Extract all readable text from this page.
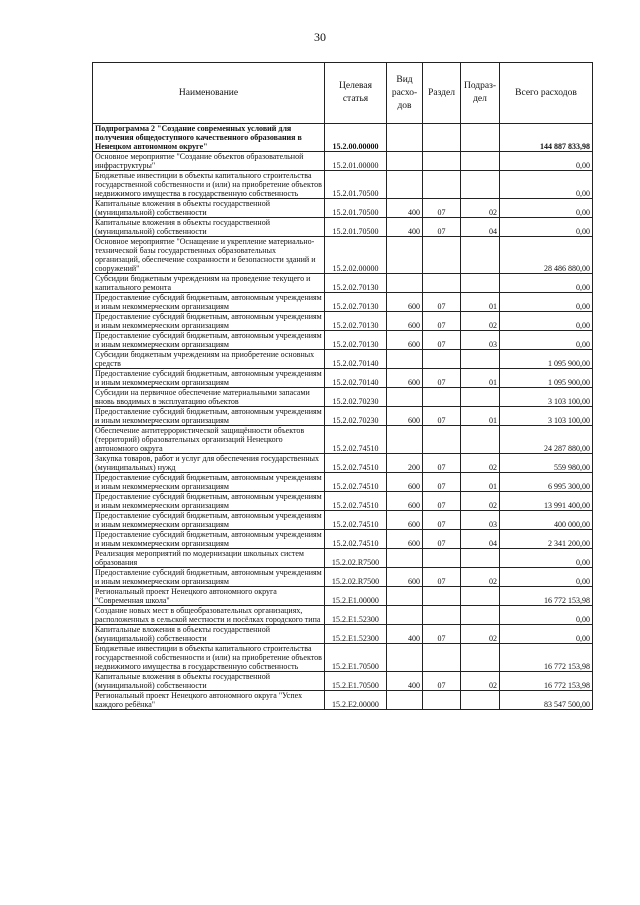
30
Наименование	Целевая статья	Вид расхо-дов	Раздел	Подраз-дел	Всего расходов
Подпрограмма 2 "Создание современных условий для получения общедоступного качественного образования в Ненецком автономном округе"	15.2.00.00000				144 887 833,98
Основное мероприятие "Создание объектов образовательной инфраструктуры"	15.2.01.00000				0,00
Бюджетные инвестиции в объекты капитального строительства государственной собственности и (или) на приобретение объектов недвижимого имущества в государственную собственность	15.2.01.70500				0,00
Капитальные вложения в объекты государственной (муниципальной) собственности	15.2.01.70500	400	07	02	0,00
Капитальные вложения в объекты государственной (муниципальной) собственности	15.2.01.70500	400	07	04	0,00
Основное мероприятие "Оснащение и укрепление материально-технической базы государственных образовательных организаций, обеспечение сохранности и безопасности зданий и сооружений"	15.2.02.00000				28 486 880,00
Субсидии бюджетным учреждениям на проведение текущего и капитального ремонта	15.2.02.70130				0,00
Предоставление субсидий бюджетным, автономным учреждениям и иным некоммерческим организациям	15.2.02.70130	600	07	01	0,00
Предоставление субсидий бюджетным, автономным учреждениям и иным некоммерческим организациям	15.2.02.70130	600	07	02	0,00
Предоставление субсидий бюджетным, автономным учреждениям и иным некоммерческим организациям	15.2.02.70130	600	07	03	0,00
Субсидии бюджетным учреждениям на приобретение основных средств	15.2.02.70140				1 095 900,00
Предоставление субсидий бюджетным, автономным учреждениям и иным некоммерческим организациям	15.2.02.70140	600	07	01	1 095 900,00
Субсидии на первичное обеспечение материальными запасами вновь вводимых в эксплуатацию объектов	15.2.02.70230				3 103 100,00
Предоставление субсидий бюджетным, автономным учреждениям и иным некоммерческим организациям	15.2.02.70230	600	07	01	3 103 100,00
Обеспечение антитеррористической защищённости объектов (территорий) образовательных организаций Ненецкого автономного округа	15.2.02.74510				24 287 880,00
Закупка товаров, работ и услуг для обеспечения государственных (муниципальных) нужд	15.2.02.74510	200	07	02	559 980,00
Предоставление субсидий бюджетным, автономным учреждениям и иным некоммерческим организациям	15.2.02.74510	600	07	01	6 995 300,00
Предоставление субсидий бюджетным, автономным учреждениям и иным некоммерческим организациям	15.2.02.74510	600	07	02	13 991 400,00
Предоставление субсидий бюджетным, автономным учреждениям и иным некоммерческим организациям	15.2.02.74510	600	07	03	400 000,00
Предоставление субсидий бюджетным, автономным учреждениям и иным некоммерческим организациям	15.2.02.74510	600	07	04	2 341 200,00
Реализация мероприятий по модернизации школьных систем образования	15.2.02.R7500				0,00
Предоставление субсидий бюджетным, автономным учреждениям и иным некоммерческим организациям	15.2.02.R7500	600	07	02	0,00
Региональный проект Ненецкого автономного округа "Современная школа"	15.2.E1.00000				16 772 153,98
Создание новых мест в общеобразовательных организациях, расположенных в сельской местности и посёлках городского типа	15.2.E1.52300				0,00
Капитальные вложения в объекты государственной (муниципальной) собственности	15.2.E1.52300	400	07	02	0,00
Бюджетные инвестиции в объекты капитального строительства государственной собственности и (или) на приобретение объектов недвижимого имущества в государственную собственность	15.2.E1.70500				16 772 153,98
Капитальные вложения в объекты государственной (муниципальной) собственности	15.2.E1.70500	400	07	02	16 772 153,98
Региональный проект Ненецкого автономного округа "Успех каждого ребёнка"	15.2.E2.00000				83 547 500,00
